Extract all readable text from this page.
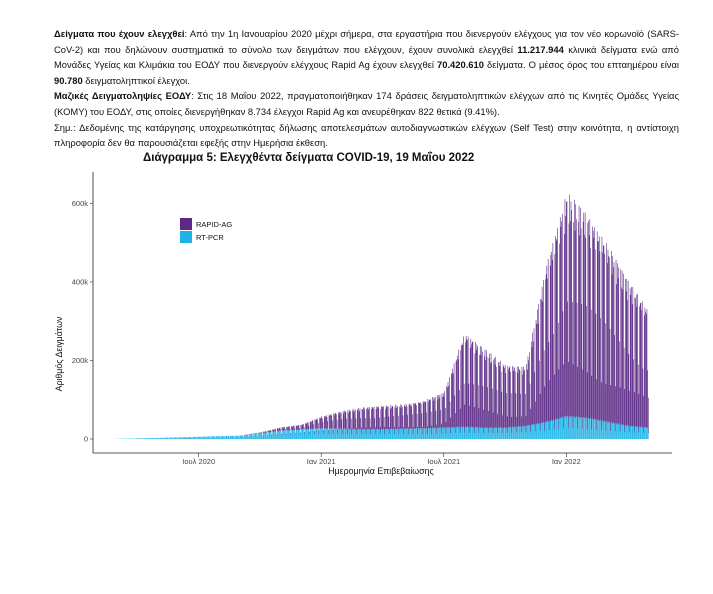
Δείγματα που έχουν ελεγχθεί: Από την 1η Ιανουαρίου 2020 μέχρι σήμερα, στα εργαστήρια που διενεργούν ελέγχους για τον νέο κορωνοϊό (SARS-CoV-2) και που δηλώνουν συστηματικά το σύνολο των δειγμάτων που ελέγχουν, έχουν συνολικά ελεγχθεί 11.217.944 κλινικά δείγματα ενώ από Μονάδες Υγείας και Κλιμάκια του ΕΟΔΥ που διενεργούν ελέγχους Rapid Ag έχουν ελεγχθεί 70.420.610 δείγματα. Ο μέσος όρος του επταημέρου είναι 90.780 δειγματοληπτικοί έλεγχοι.

Μαζικές Δειγματοληψίες ΕΟΔΥ: Στις 18 Μαΐου 2022, πραγματοποιήθηκαν 174 δράσεις δειγματοληπτικών ελέγχων από τις Κινητές Ομάδες Υγείας (ΚΟΜΥ) του ΕΟΔΥ, στις οποίες διενεργήθηκαν 8.734 έλεγχοι Rapid Ag και ανευρέθηκαν 822 θετικά (9.41%).

Σημ.: Δεδομένης της κατάργησης υποχρεωτικότητας δήλωσης αποτελεσμάτων αυτοδιαγνωστικών ελέγχων (Self Test) στην κοινότητα, η αντίστοιχη πληροφορία δεν θα παρουσιάζεται εφεξής στην Ημερήσια έκθεση.

Διάγραμμα 5: Ελεγχθέντα δείγματα COVID-19, 19 Μαΐου 2022
0
200k
400k
600k
Ιουλ 2020	Ιαν 2021	Ιουλ 2021	Ιαν 2022
Ημερομηνία Επιβεβαίωσης
Αριθμός Δειγμάτων
RAPID-AG
RT-PCR
